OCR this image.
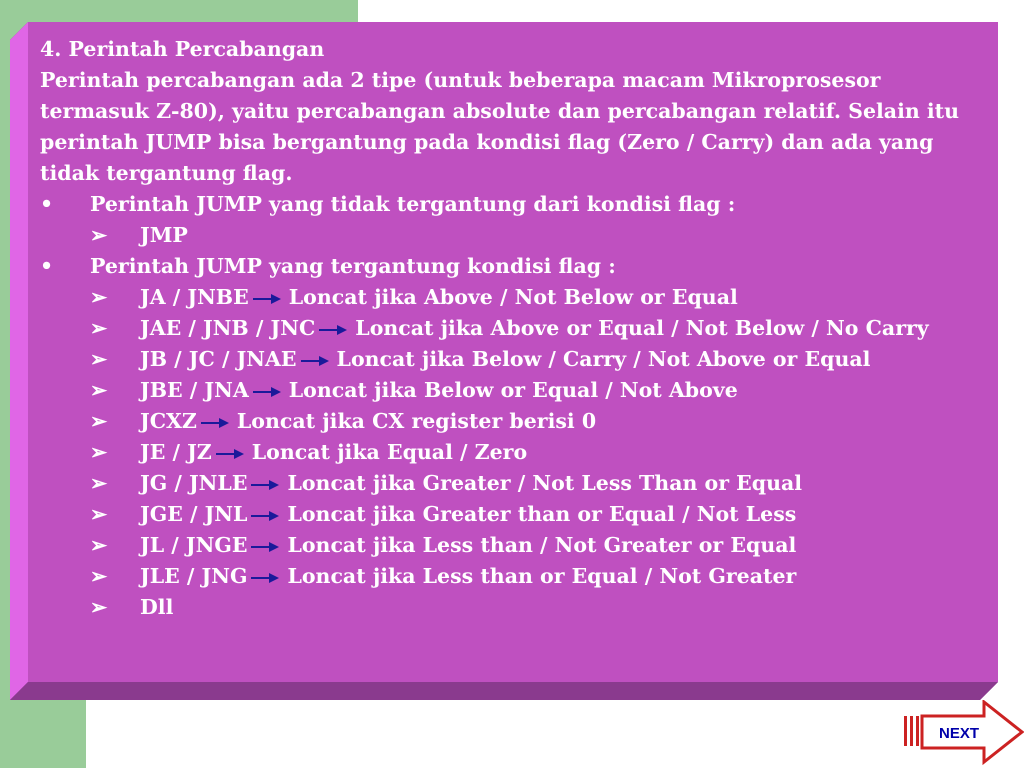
4. Perintah Percabangan

Perintah percabangan ada 2 tipe (untuk beberapa macam Mikroprosesor termasuk Z-80), yaitu percabangan absolute dan percabangan relatif. Selain itu perintah JUMP bisa bergantung pada kondisi flag (Zero / Carry) dan ada yang tidak tergantung flag.

•	Perintah JUMP yang tidak tergantung dari kondisi flag :
➢	JMP
•	Perintah JUMP yang tergantung kondisi flag :
➢	JA / JNBE Loncat jika Above / Not Below or Equal
➢	JAE / JNB / JNC Loncat jika Above or Equal / Not Below / No Carry
➢	JB / JC / JNAE Loncat jika Below / Carry / Not Above or Equal
➢	JBE / JNA Loncat jika Below or Equal / Not Above
➢	JCXZ Loncat jika CX register berisi 0
➢	JE / JZ Loncat jika Equal / Zero
➢	JG / JNLE Loncat jika Greater / Not Less Than or Equal
➢	JGE / JNL Loncat jika Greater than or Equal / Not Less
➢	JL / JNGE Loncat jika Less than / Not Greater or Equal
➢	JLE / JNG Loncat jika Less than or Equal / Not Greater
➢	Dll
NEXT
